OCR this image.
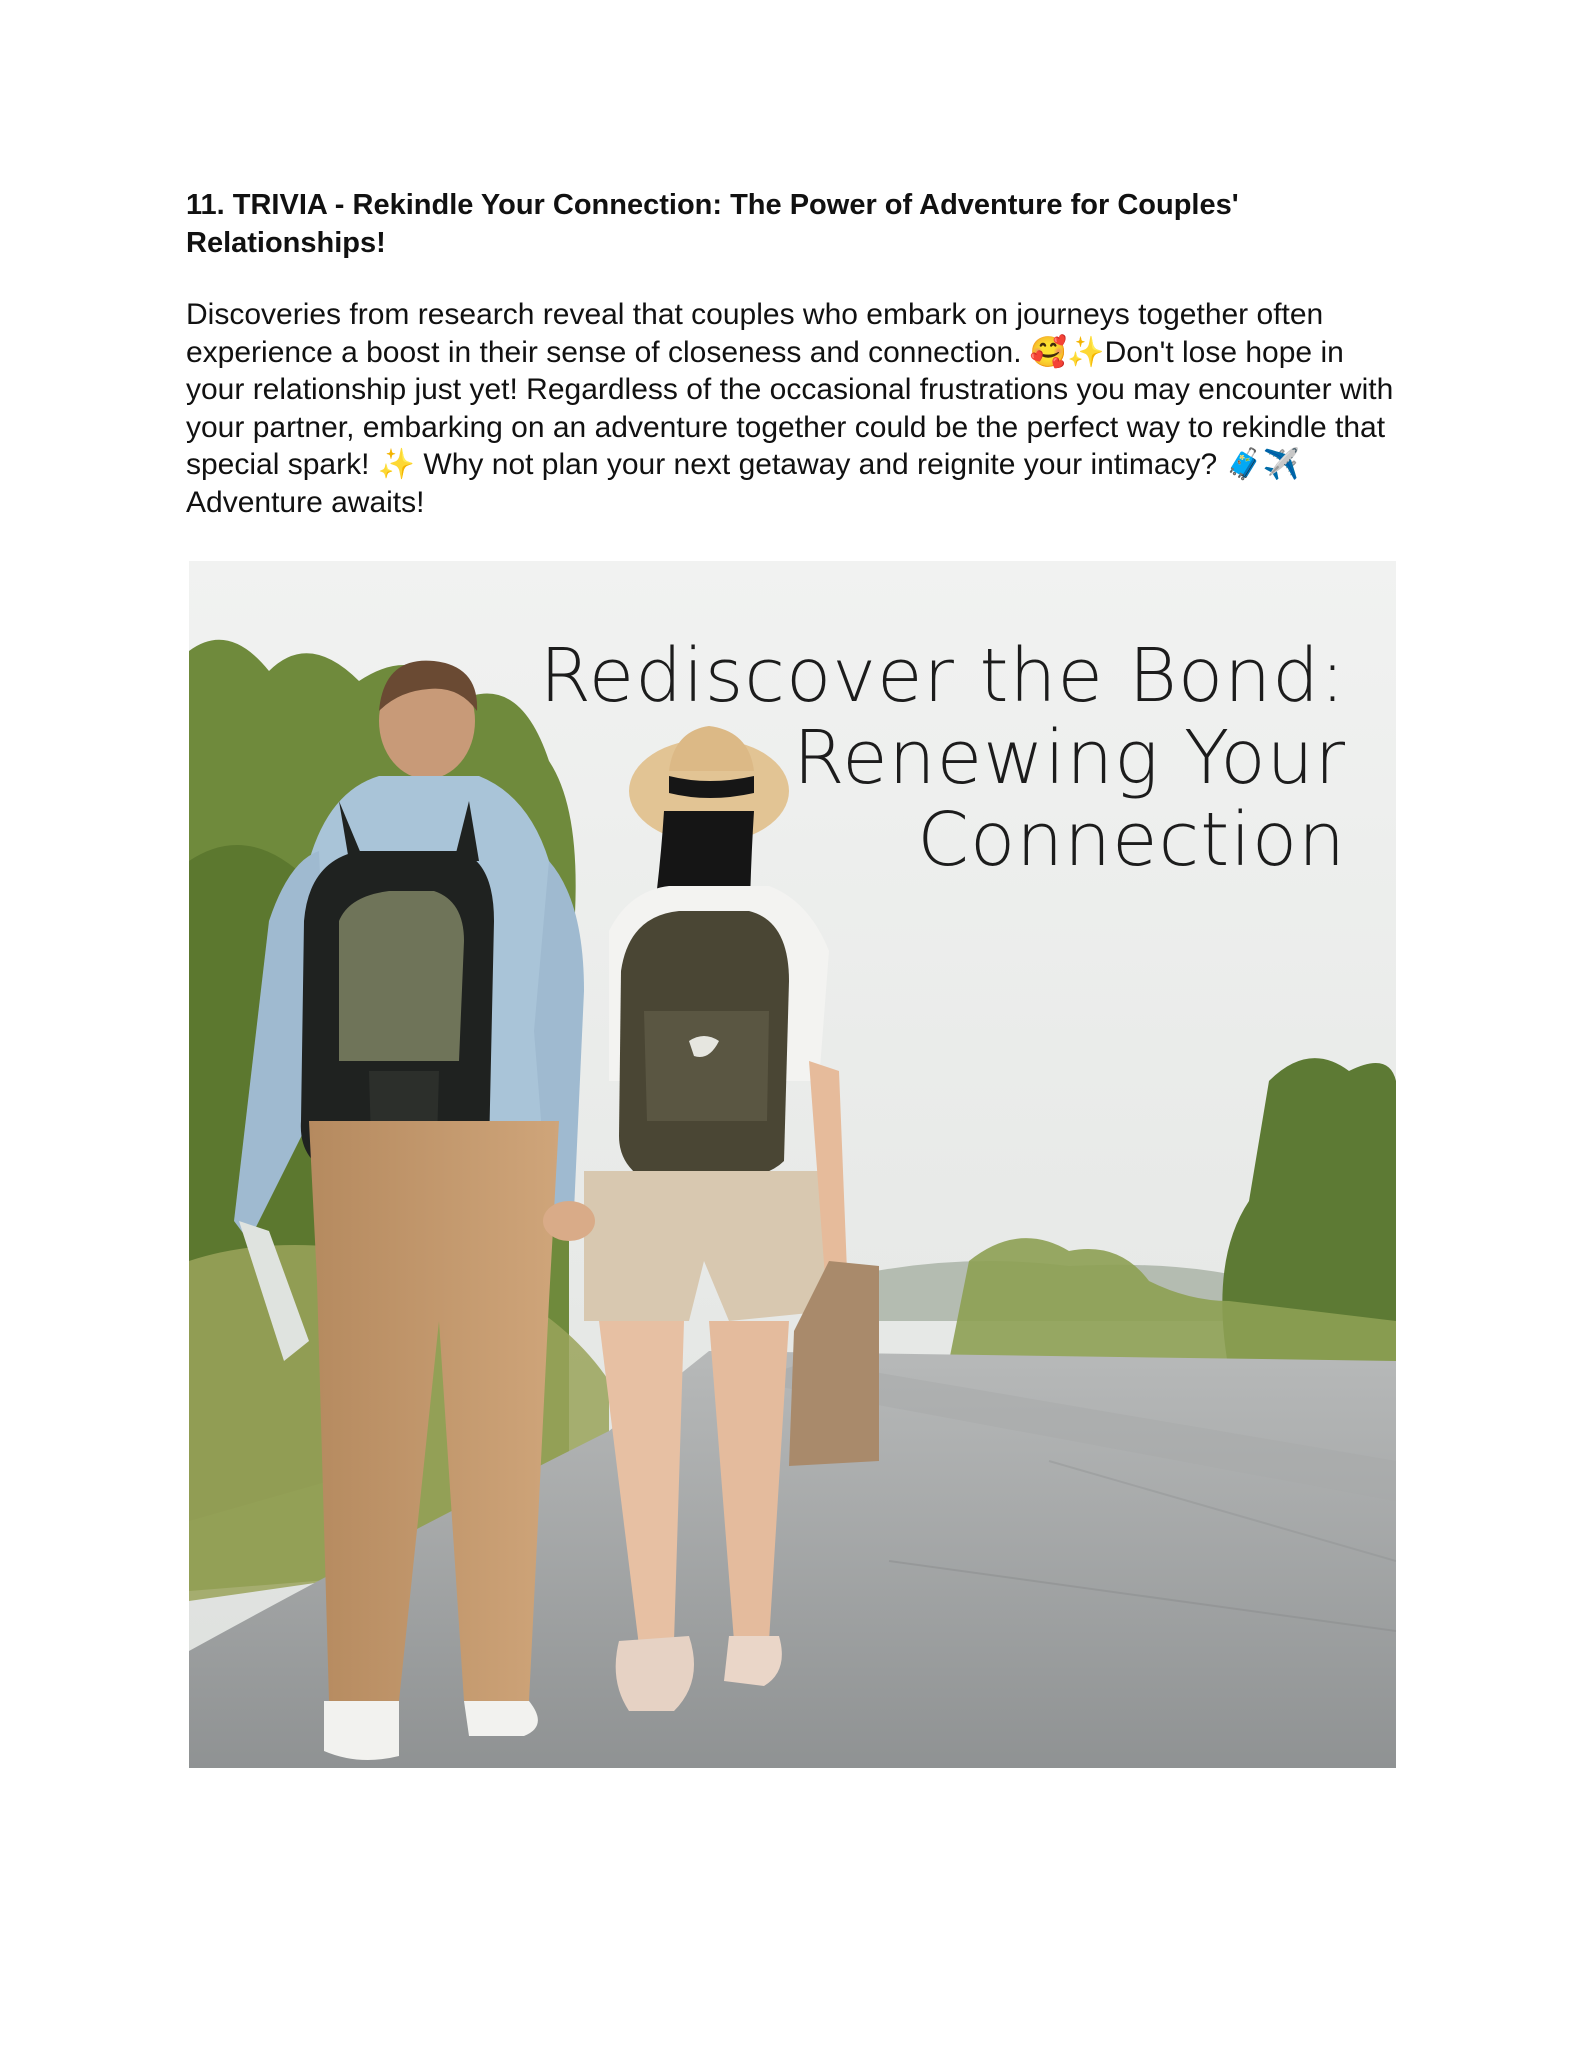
11. TRIVIA - Rekindle Your Connection: The Power of Adventure for Couples'
Relationships!

Discoveries from research reveal that couples who embark on journeys together often experience a boost in their sense of closeness and connection. 🥰✨Don't lose hope in your relationship just yet! Regardless of the occasional frustrations you may encounter with your partner, embarking on an adventure together could be the perfect way to rekindle that special spark! ✨ Why not plan your next getaway and reignite your intimacy? 🧳✈️ Adventure awaits!

Rediscover the Bond:
Renewing Your
Connection
